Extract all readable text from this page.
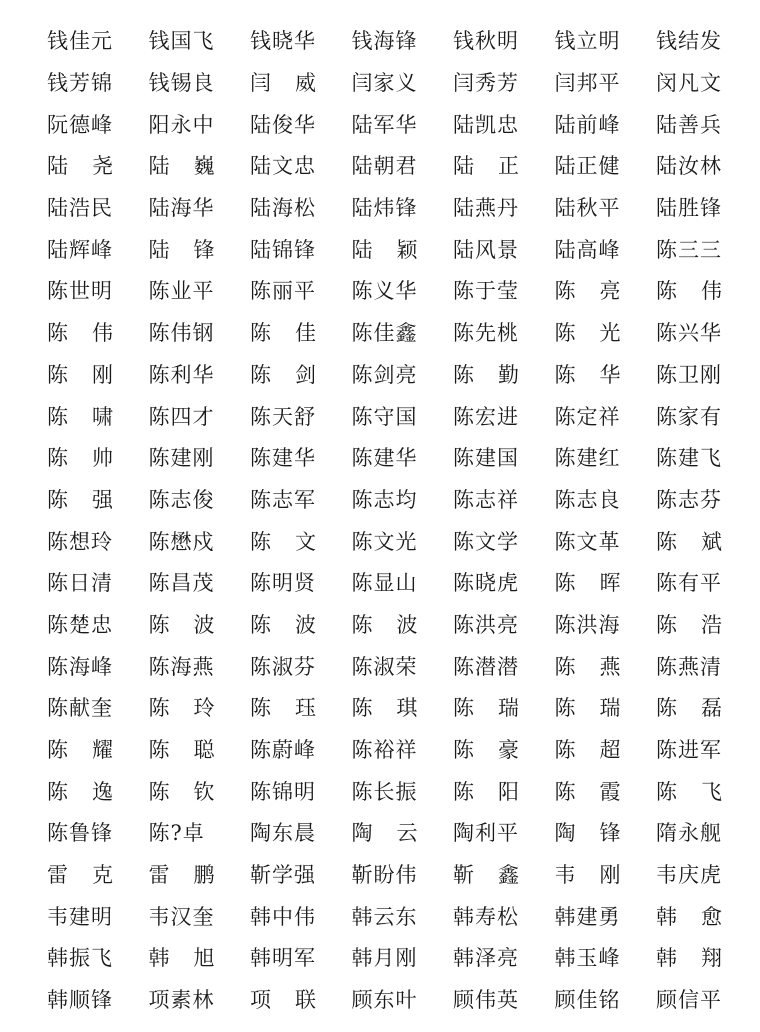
钱佳元 钱国飞 钱晓华 钱海锋 钱秋明 钱立明 钱结发
钱芳锦 钱锡良 闫 威 闫家义 闫秀芳 闫邦平 闵凡文
阮德峰 阳永中 陆俊华 陆军华 陆凯忠 陆前峰 陆善兵
陆 尧 陆 巍 陆文忠 陆朝君 陆 正 陆正健 陆汝林
陆浩民 陆海华 陆海松 陆炜锋 陆燕丹 陆秋平 陆胜锋
陆辉峰 陆 锋 陆锦锋 陆 颖 陆风景 陆高峰 陈三三
陈世明 陈业平 陈丽平 陈义华 陈于莹 陈 亮 陈 伟
陈 伟 陈伟钢 陈 佳 陈佳鑫 陈先桃 陈 光 陈兴华
陈 刚 陈利华 陈 剑 陈剑亮 陈 勤 陈 华 陈卫刚
陈 啸 陈四才 陈天舒 陈守国 陈宏进 陈定祥 陈家有
陈 帅 陈建刚 陈建华 陈建华 陈建国 陈建红 陈建飞
陈 强 陈志俊 陈志军 陈志均 陈志祥 陈志良 陈志芬
陈想玲 陈懋戍 陈 文 陈文光 陈文学 陈文革 陈 斌
陈日清 陈昌茂 陈明贤 陈显山 陈晓虎 陈 晖 陈有平
陈楚忠 陈 波 陈 波 陈 波 陈洪亮 陈洪海 陈 浩
陈海峰 陈海燕 陈淑芬 陈淑荣 陈潜潜 陈 燕 陈燕清
陈献奎 陈 玲 陈 珏 陈 琪 陈 瑞 陈 瑞 陈 磊
陈 耀 陈 聪 陈蔚峰 陈裕祥 陈 豪 陈 超 陈进军
陈 逸 陈 钦 陈锦明 陈长振 陈 阳 陈 霞 陈 飞
陈鲁锋 陈?卓	陶东晨 陶 云 陶利平 陶 锋 隋永舰
雷 克 雷 鹏 靳学强 靳盼伟 靳 鑫 韦 刚 韦庆虎
韦建明 韦汉奎 韩中伟 韩云东 韩寿松 韩建勇 韩 愈
韩振飞 韩 旭 韩明军 韩月刚 韩泽亮 韩玉峰 韩 翔
韩顺锋 项素林 项 联 顾东叶 顾伟英 顾佳铭 顾信平
